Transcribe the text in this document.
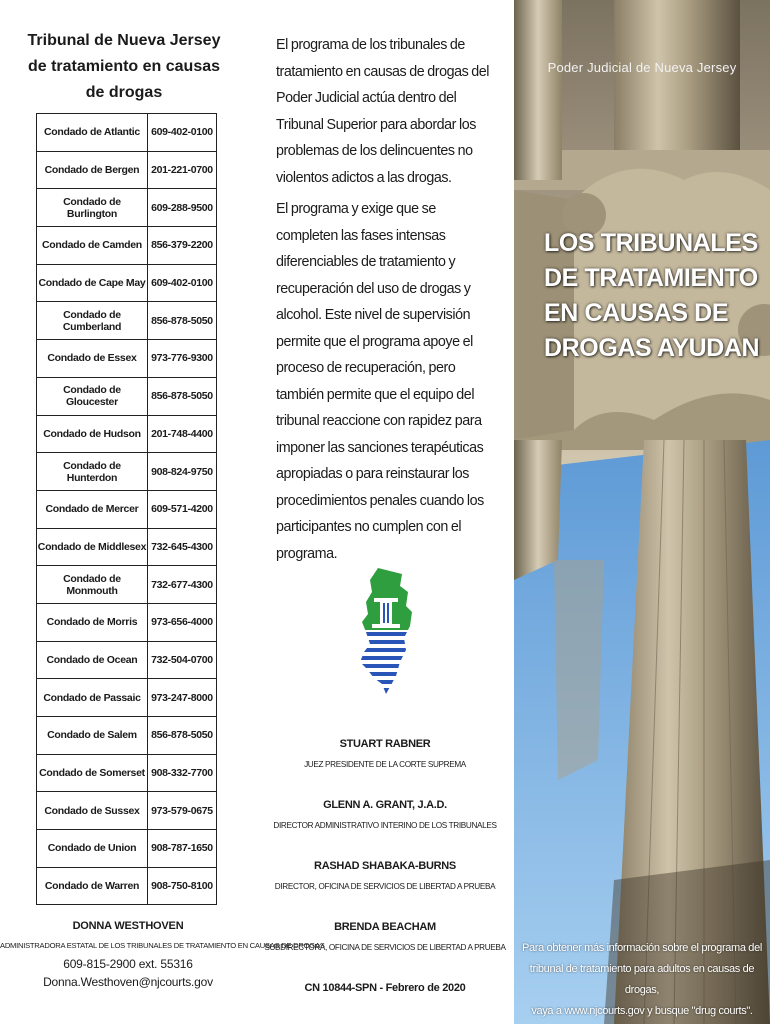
Tribunal de Nueva Jersey
de tratamiento en causas
de drogas
Condado de Atlantic	609-402-0100
Condado de Bergen	201-221-0700
Condado de Burlington	609-288-9500
Condado de Camden	856-379-2200
Condado de Cape May	609-402-0100
Condado de Cumberland	856-878-5050
Condado de Essex	973-776-9300
Condado de Gloucester	856-878-5050
Condado de Hudson	201-748-4400
Condado de Hunterdon	908-824-9750
Condado de Mercer	609-571-4200
Condado de Middlesex	732-645-4300
Condado de Monmouth	732-677-4300
Condado de Morris	973-656-4000
Condado de Ocean	732-504-0700
Condado de Passaic	973-247-8000
Condado de Salem	856-878-5050
Condado de Somerset	908-332-7700
Condado de Sussex	973-579-0675
Condado de Union	908-787-1650
Condado de Warren	908-750-8100
DONNA WESTHOVEN
ADMINISTRADORA ESTATAL DE LOS TRIBUNALES DE TRATAMIENTO EN CAUSAS DE DROGAS
609-815-2900 ext. 55316
Donna.Westhoven@njcourts.gov
El programa de los tribunales de tratamiento en causas de drogas del Poder Judicial actúa dentro del Tribunal Superior para abordar los problemas de los delincuentes no violentos adictos a las drogas.
El programa y exige que se completen las fases intensas diferenciables de tratamiento y recuperación del uso de drogas y alcohol. Este nivel de supervisión permite que el programa apoye el proceso de recuperación, pero también permite que el equipo del tribunal reaccione con rapidez para imponer las sanciones terapéuticas apropiadas o para reinstaurar los procedimientos penales cuando los participantes no cumplen con el programa.
STUART RABNER
JUEZ PRESIDENTE DE LA CORTE SUPREMA
GLENN A. GRANT, J.A.D.
DIRECTOR ADMINISTRATIVO INTERINO DE LOS TRIBUNALES
RASHAD SHABAKA-BURNS
DIRECTOR, OFICINA DE SERVICIOS DE LIBERTAD A PRUEBA
BRENDA BEACHAM
SUBDIRECTORA, OFICINA DE SERVICIOS DE LIBERTAD A PRUEBA
CN 10844-SPN - Febrero de 2020
Poder Judicial de Nueva Jersey
LOS TRIBUNALES
DE TRATAMIENTO
EN CAUSAS DE
DROGAS AYUDAN
Para obtener más información sobre el programa del
tribunal de tratamiento para adultos en causas de drogas,
vaya a www.njcourts.gov y busque "drug courts".
